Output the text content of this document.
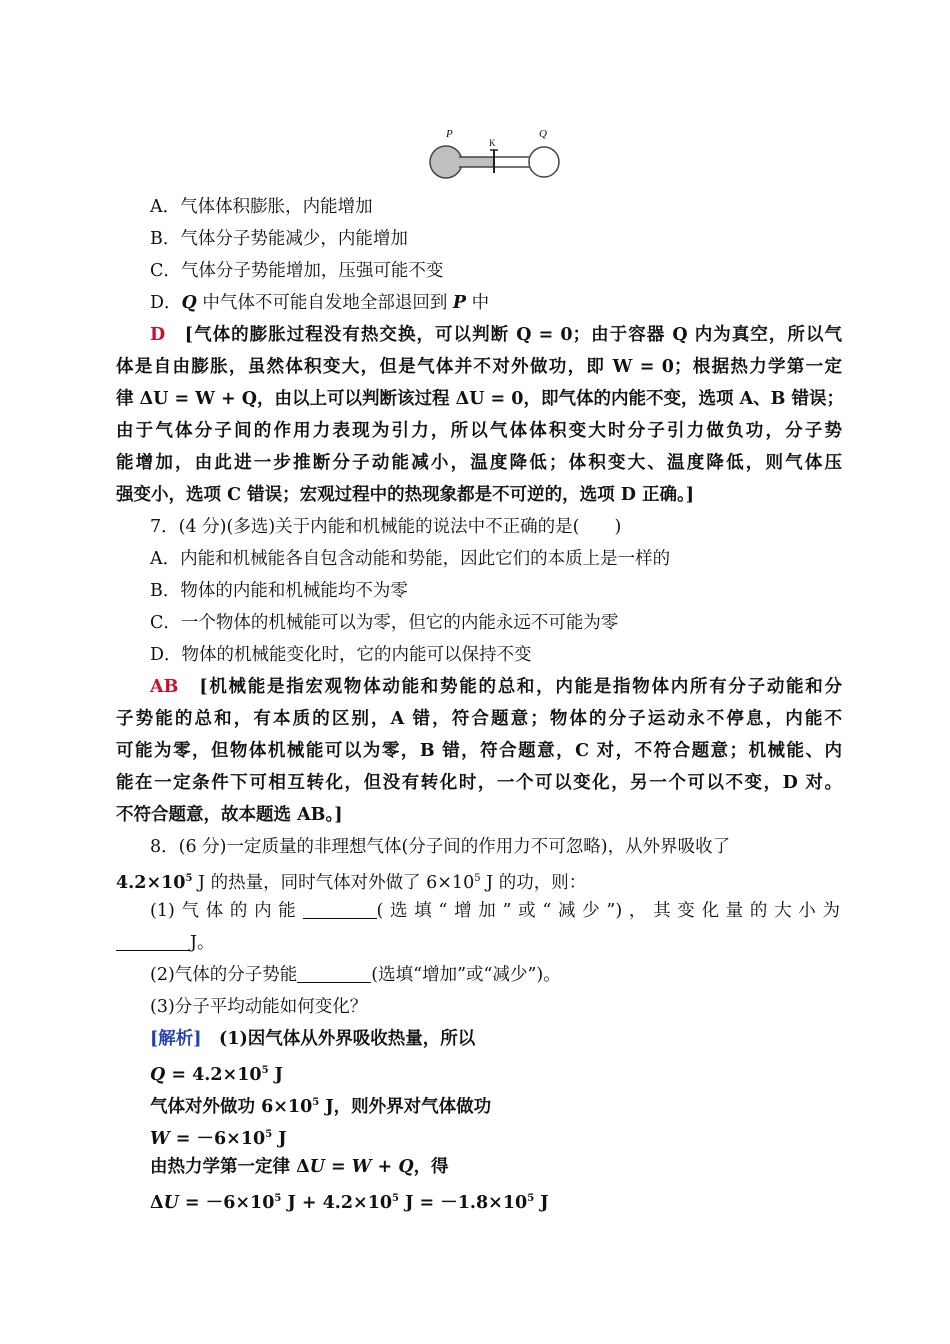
P
K
Q
A．气体体积膨胀，内能增加
B．气体分子势能减少，内能增加
C．气体分子势能增加，压强可能不变
D．Q 中气体不可能自发地全部退回到 P 中
D　 [气体的膨胀过程没有热交换，可以判断 Q = 0；由于容器 Q 内为真空，所以气
体是自由膨胀，虽然体积变大，但是气体并不对外做功，即 W = 0；根据热力学第一定
律 ΔU = W + Q，由以上可以判断该过程 ΔU = 0，即气体的内能不变，选项 A、B 错误；
由于气体分子间的作用力表现为引力，所以气体体积变大时分子引力做负功，分子势
能增加，由此进一步推断分子动能减小，温度降低；体积变大、温度降低，则气体压
强变小，选项 C 错误；宏观过程中的热现象都是不可逆的，选项 D 正确。]
7．(4 分)(多选)关于内能和机械能的说法中不正确的是(　　)
A．内能和机械能各自包含动能和势能，因此它们的本质上是一样的
B．物体的内能和机械能均不为零
C．一个物体的机械能可以为零，但它的内能永远不可能为零
D．物体的机械能变化时，它的内能可以保持不变
AB　 [机械能是指宏观物体动能和势能的总和，内能是指物体内所有分子动能和分
子势能的总和，有本质的区别，A 错，符合题意；物体的分子运动永不停息，内能不
可能为零，但物体机械能可以为零，B 错，符合题意，C 对，不符合题意；机械能、内
能在一定条件下可相互转化，但没有转化时，一个可以变化，另一个可以不变，D 对。
不符合题意，故本题选 AB。]
8．(6 分)一定质量的非理想气体(分子间的作用力不可忽略)，从外界吸收了
$4.2\times 10^5$ J 的热量，同时气体对外做了 $6\times 10^5$ J 的功，则：
(1)气体的内能	(选填“增加”或“减少”)，其变化量的大小为
J。
(2)气体的分子势能	(选填“增加”或“减少”)。
(3)分子平均动能如何变化？
[解析]　(1)因气体从外界吸收热量，所以
$Q = 4.2\times 10^5$ J
气体对外做功 $6\times 10^5$ J，则外界对气体做功
$W = -6\times 10^5$ J
由热力学第一定律 ΔU = W + Q，得
$\Delta U = -6\times 10^5$ $J + 4.2\times 10^5$ $J = -1.8\times 10^5$ J
